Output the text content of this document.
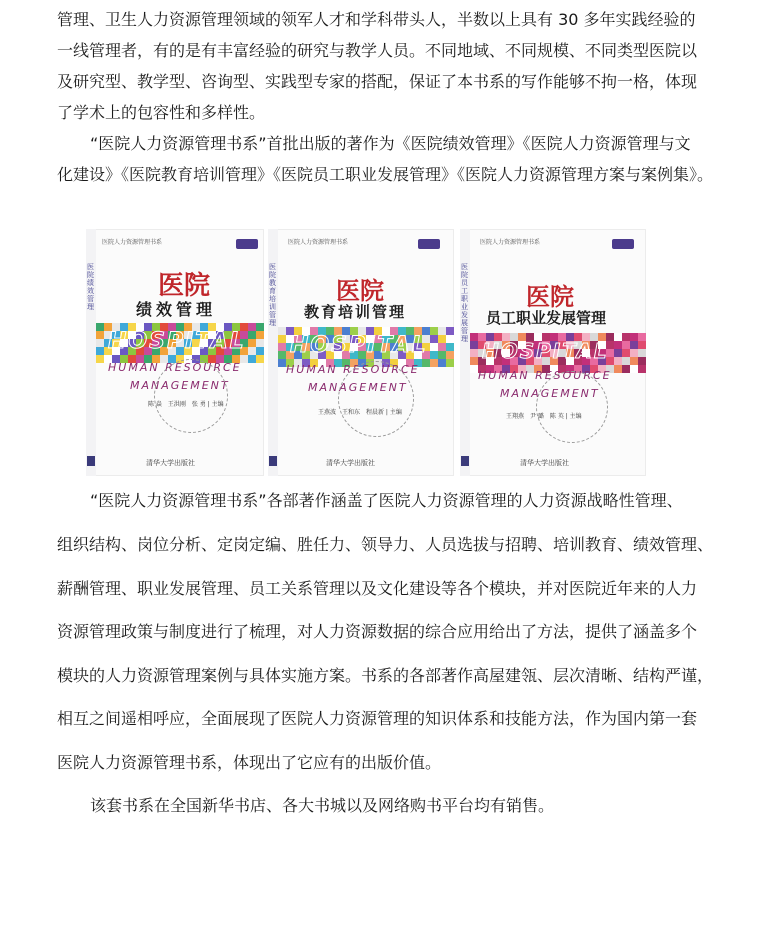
管理、卫生人力资源管理领域的领军人才和学科带头人，半数以上具有 30 多年实践经验的
一线管理者，有的是有丰富经验的研究与教学人员。不同地域、不同规模、不同类型医院以
及研究型、教学型、咨询型、实践型专家的搭配，保证了本书系的写作能够不拘一格，体现
了学术上的包容性和多样性。
“医院人力资源管理书系”首批出版的著作为《医院绩效管理》《医院人力资源管理与文
化建设》《医院教育培训管理》《医院员工职业发展管理》《医院人力资源管理方案与案例集》。
医院绩效管理
医院人力资源管理书系
医院
绩效管理
HOSPITAL
HUMAN RESOURCE
MANAGEMENT
陈 焱　王洪刚　张 勇 | 主编
清华大学出版社
医院教育培训管理
医院人力资源管理书系
医院
教育培训管理
HOSPITAL
HUMAN RESOURCE
MANAGEMENT
王燕波　王和东　程晨新 | 主编
清华大学出版社
医院员工职业发展管理
医院人力资源管理书系
医院
员工职业发展管理
HOSPITAL
HUMAN RESOURCE
MANAGEMENT
王翔燕　尹 璐　陈 英 | 主编
清华大学出版社
“医院人力资源管理书系”各部著作涵盖了医院人力资源管理的人力资源战略性管理、
组织结构、岗位分析、定岗定编、胜任力、领导力、人员选拔与招聘、培训教育、绩效管理、
薪酬管理、职业发展管理、员工关系管理以及文化建设等各个模块，并对医院近年来的人力
资源管理政策与制度进行了梳理，对人力资源数据的综合应用给出了方法，提供了涵盖多个
模块的人力资源管理案例与具体实施方案。书系的各部著作高屋建瓴、层次清晰、结构严谨，
相互之间遥相呼应，全面展现了医院人力资源管理的知识体系和技能方法，作为国内第一套
医院人力资源管理书系，体现出了它应有的出版价值。
该套书系在全国新华书店、各大书城以及网络购书平台均有销售。
